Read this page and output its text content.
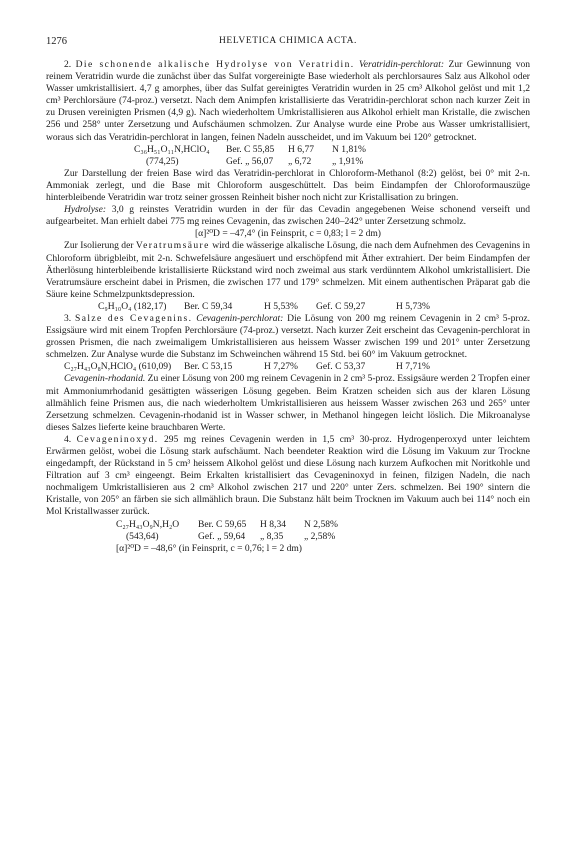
1276	HELVETICA CHIMICA ACTA.

2. Die schonende alkalische Hydrolyse von Veratridin. Veratridin-perchlorat: Zur Gewinnung von reinem Veratridin wurde die zunächst über das Sulfat vorgereinigte Base wiederholt als perchlorsaures Salz aus Alkohol oder Wasser umkristallisiert. 4,7 g amorphes, über das Sulfat gereinigtes Veratridin wurden in 25 cm³ Alkohol gelöst und mit 1,2 cm³ Perchlorsäure (74-proz.) versetzt. Nach dem Animpfen kristallisierte das Veratridin-perchlorat schon nach kurzer Zeit in zu Drusen vereinigten Prismen (4,9 g). Nach wiederholtem Umkristallisieren aus Alkohol erhielt man Kristalle, die zwischen 256 und 258° unter Zersetzung und Aufschäumen schmolzen. Zur Analyse wurde eine Probe aus Wasser umkristallisiert, woraus sich das Veratridin-perchlorat in langen, feinen Nadeln ausscheidet, und im Vakuum bei 120° getrocknet.

C₃₆H₅₁O₁₁N,HClO₄	Ber. C 55,85	H 6,77	N 1,81%
(774,25)	Gef. „ 56,07	„ 6,72	„ 1,91%

Zur Darstellung der freien Base wird das Veratridin-perchlorat in Chloroform-Methanol (8:2) gelöst, bei 0° mit 2-n. Ammoniak zerlegt, und die Base mit Chloroform ausgeschüttelt. Das beim Eindampfen der Chloroformauszüge hinterbleibende Veratridin war trotz seiner grossen Reinheit bisher noch nicht zur Kristallisation zu bringen.

Hydrolyse: 3,0 g reinstes Veratridin wurden in der für das Cevadin angegebenen Weise schonend verseift und aufgearbeitet. Man erhielt dabei 775 mg reines Cevagenin, das zwischen 240–242° unter Zersetzung schmolz.

[α]²⁰D = –47,4° (in Feinsprit, c = 0,83; l = 2 dm)

Zur Isolierung der Veratrumsäure wird die wässerige alkalische Lösung, die nach dem Aufnehmen des Cevagenins in Chloroform übrigbleibt, mit 2-n. Schwefelsäure angesäuert und erschöpfend mit Äther extrahiert. Der beim Eindampfen der Ätherlösung hinterbleibende kristallisierte Rückstand wird noch zweimal aus stark verdünntem Alkohol umkristallisiert. Die Veratrumsäure erscheint dabei in Prismen, die zwischen 177 und 179° schmelzen. Mit einem authentischen Präparat gab die Säure keine Schmelzpunktsdepression.

C₉H₁₀O₄ (182,17)	Ber. C 59,34	H 5,53%	Gef. C 59,27	H 5,73%

3. Salze des Cevagenins. Cevagenin-perchlorat: Die Lösung von 200 mg reinem Cevagenin in 2 cm³ 5-proz. Essigsäure wird mit einem Tropfen Perchlorsäure (74-proz.) versetzt. Nach kurzer Zeit erscheint das Cevagenin-perchlorat in grossen Prismen, die nach zweimaligem Umkristallisieren aus heissem Wasser zwischen 199 und 201° unter Zersetzung schmelzen. Zur Analyse wurde die Substanz im Schweinchen während 15 Std. bei 60° im Vakuum getrocknet.

C₂₇H₄₃O₈N,HClO₄ (610,09)	Ber. C 53,15	H 7,27%	Gef. C 53,37	H 7,71%

Cevagenin-rhodanid. Zu einer Lösung von 200 mg reinem Cevagenin in 2 cm³ 5-proz. Essigsäure werden 2 Tropfen einer mit Ammoniumrhodanid gesättigten wässerigen Lösung gegeben. Beim Kratzen scheiden sich aus der klaren Lösung allmählich feine Prismen aus, die nach wiederholtem Umkristallisieren aus heissem Wasser zwischen 263 und 265° unter Zersetzung schmelzen. Cevagenin-rhodanid ist in Wasser schwer, in Methanol hingegen leicht löslich. Die Mikroanalyse dieses Salzes lieferte keine brauchbaren Werte.

4. Cevageninoxyd. 295 mg reines Cevagenin werden in 1,5 cm³ 30-proz. Hydrogenperoxyd unter leichtem Erwärmen gelöst, wobei die Lösung stark aufschäumt. Nach beendeter Reaktion wird die Lösung im Vakuum zur Trockne eingedampft, der Rückstand in 5 cm³ heissem Alkohol gelöst und diese Lösung nach kurzem Aufkochen mit Noritkohle und Filtration auf 3 cm³ eingeengt. Beim Erkalten kristallisiert das Cevageninoxyd in feinen, filzigen Nadeln, die nach nochmaligem Umkristallisieren aus 2 cm³ Alkohol zwischen 217 und 220° unter Zers. schmelzen. Bei 190° sintern die Kristalle, von 205° an färben sie sich allmählich braun. Die Substanz hält beim Trocknen im Vakuum auch bei 114° noch ein Mol Kristallwasser zurück.

C₂₇H₄₃O₉N,H₂O	Ber. C 59,65	H 8,34	N 2,58%
(543,64)	Gef. „ 59,64	„ 8,35	„ 2,58%
[α]²⁰D = –48,6° (in Feinsprit, c = 0,76; l = 2 dm)
